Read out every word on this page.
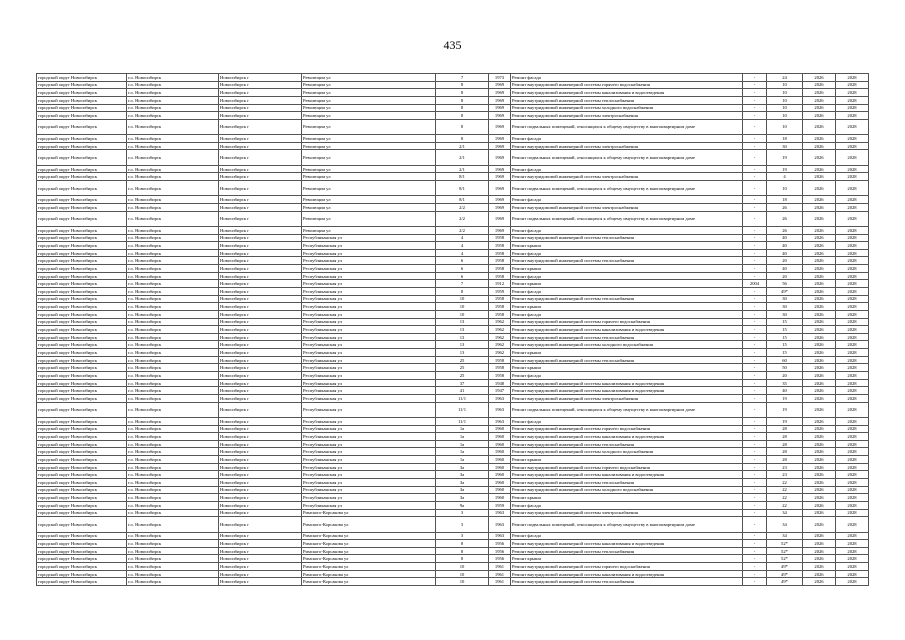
435
городской округ Новосибирск	г.о. Новосибирск	Новосибирск г	Революции ул	7	1973	Ремонт фасада	-	24	2026	2028
городской округ Новосибирск	г.о. Новосибирск	Новосибирск г	Революции ул	8	1969	Ремонт внутридомовой инженерной системы горячего водоснабжения	-	10	2026	2028
городской округ Новосибирск	г.о. Новосибирск	Новосибирск г	Революции ул	8	1969	Ремонт внутридомовой инженерной системы канализования и водоотведения	-	10	2026	2028
городской округ Новосибирск	г.о. Новосибирск	Новосибирск г	Революции ул	8	1969	Ремонт внутридомовой инженерной системы теплоснабжения	-	10	2026	2028
городской округ Новосибирск	г.о. Новосибирск	Новосибирск г	Революции ул	8	1969	Ремонт внутридомовой инженерной системы холодного водоснабжения	-	10	2026	2028
городской округ Новосибирск	г.о. Новосибирск	Новосибирск г	Революции ул	8	1969	Ремонт внутридомовой инженерной системы электроснабжения	-	10	2026	2028
городской округ Новосибирск	г.о. Новосибирск	Новосибирск г	Революции ул	8	1969	Ремонт подвальных помещений, относящихся к общему имуществу в многоквартирном доме	-	10	2026	2028
городской округ Новосибирск	г.о. Новосибирск	Новосибирск г	Революции ул	8	1969	Ремонт фасада	-	18	2026	2028
городской округ Новосибирск	г.о. Новосибирск	Новосибирск г	Революции ул	2/1	1969	Ремонт внутридомовой инженерной системы электроснабжения	-	30	2026	2028
городской округ Новосибирск	г.о. Новосибирск	Новосибирск г	Революции ул	2/1	1969	Ремонт подвальных помещений, относящихся к общему имуществу в многоквартирном доме	-	19	2026	2028
городской округ Новосибирск	г.о. Новосибирск	Новосибирск г	Революции ул	2/1	1969	Ремонт фасада	-	19	2026	2028
городской округ Новосибирск	г.о. Новосибирск	Новосибирск г	Революции ул	8/1	1969	Ремонт внутридомовой инженерной системы электроснабжения	-	4	2026	2028
городской округ Новосибирск	г.о. Новосибирск	Новосибирск г	Революции ул	8/1	1969	Ремонт подвальных помещений, относящихся к общему имуществу в многоквартирном доме	-	10	2026	2028
городской округ Новосибирск	г.о. Новосибирск	Новосибирск г	Революции ул	8/1	1969	Ремонт фасада	-	18	2026	2028
городской округ Новосибирск	г.о. Новосибирск	Новосибирск г	Революции ул	2/2	1969	Ремонт внутридомовой инженерной системы электроснабжения	-	26	2026	2028
городской округ Новосибирск	г.о. Новосибирск	Новосибирск г	Революции ул	2/2	1969	Ремонт подвальных помещений, относящихся к общему имуществу в многоквартирном доме	-	26	2026	2028
городской округ Новосибирск	г.о. Новосибирск	Новосибирск г	Революции ул	2/2	1969	Ремонт фасада	-	26	2026	2028
городской округ Новосибирск	г.о. Новосибирск	Новосибирск г	Республиканская ул	4	1958	Ремонт внутридомовой инженерной системы теплоснабжения	-	40	2026	2028
городской округ Новосибирск	г.о. Новосибирск	Новосибирск г	Республиканская ул	4	1958	Ремонт крыши	-	40	2026	2028
городской округ Новосибирск	г.о. Новосибирск	Новосибирск г	Республиканская ул	4	1958	Ремонт фасада	-	40	2026	2028
городской округ Новосибирск	г.о. Новосибирск	Новосибирск г	Республиканская ул	6	1958	Ремонт внутридомовой инженерной системы теплоснабжения	-	20	2026	2028
городской округ Новосибирск	г.о. Новосибирск	Новосибирск г	Республиканская ул	6	1958	Ремонт крыши	-	40	2026	2028
городской округ Новосибирск	г.о. Новосибирск	Новосибирск г	Республиканская ул	6	1958	Ремонт фасада	-	20	2026	2028
городской округ Новосибирск	г.о. Новосибирск	Новосибирск г	Республиканская ул	7	1912	Ремонт крыши	2004	56	2026	2028
городской округ Новосибирск	г.о. Новосибирск	Новосибирск г	Республиканская ул	8	1959	Ремонт фасада	-	49*	2026	2028
городской округ Новосибирск	г.о. Новосибирск	Новосибирск г	Республиканская ул	10	1958	Ремонт внутридомовой инженерной системы теплоснабжения	-	30	2026	2028
городской округ Новосибирск	г.о. Новосибирск	Новосибирск г	Республиканская ул	10	1958	Ремонт крыши	-	30	2026	2028
городской округ Новосибирск	г.о. Новосибирск	Новосибирск г	Республиканская ул	10	1958	Ремонт фасада	-	30	2026	2028
городской округ Новосибирск	г.о. Новосибирск	Новосибирск г	Республиканская ул	13	1962	Ремонт внутридомовой инженерной системы горячего водоснабжения	-	15	2026	2028
городской округ Новосибирск	г.о. Новосибирск	Новосибирск г	Республиканская ул	13	1962	Ремонт внутридомовой инженерной системы канализования и водоотведения	-	15	2026	2028
городской округ Новосибирск	г.о. Новосибирск	Новосибирск г	Республиканская ул	13	1962	Ремонт внутридомовой инженерной системы теплоснабжения	-	15	2026	2028
городской округ Новосибирск	г.о. Новосибирск	Новосибирск г	Республиканская ул	13	1962	Ремонт внутридомовой инженерной системы холодного водоснабжения	-	15	2026	2028
городской округ Новосибирск	г.о. Новосибирск	Новосибирск г	Республиканская ул	13	1962	Ремонт крыши	-	15	2026	2028
городской округ Новосибирск	г.о. Новосибирск	Новосибирск г	Республиканская ул	25	1958	Ремонт внутридомовой инженерной системы теплоснабжения	-	60	2026	2028
городской округ Новосибирск	г.о. Новосибирск	Новосибирск г	Республиканская ул	25	1958	Ремонт крыши	-	50	2026	2028
городской округ Новосибирск	г.о. Новосибирск	Новосибирск г	Республиканская ул	25	1958	Ремонт фасада	-	20	2026	2028
городской округ Новосибирск	г.о. Новосибирск	Новосибирск г	Республиканская ул	37	1948	Ремонт внутридомовой инженерной системы канализования и водоотведения	-	35	2026	2028
городской округ Новосибирск	г.о. Новосибирск	Новосибирск г	Республиканская ул	41	1947	Ремонт внутридомовой инженерной системы канализования и водоотведения	-	40	2026	2028
городской округ Новосибирск	г.о. Новосибирск	Новосибирск г	Республиканская ул	11/1	1963	Ремонт внутридомовой инженерной системы электроснабжения	-	19	2026	2028
городской округ Новосибирск	г.о. Новосибирск	Новосибирск г	Республиканская ул	11/1	1963	Ремонт подвальных помещений, относящихся к общему имуществу в многоквартирном доме	-	19	2026	2028
городской округ Новосибирск	г.о. Новосибирск	Новосибирск г	Республиканская ул	11/1	1963	Ремонт фасада	-	19	2026	2028
городской округ Новосибирск	г.о. Новосибирск	Новосибирск г	Республиканская ул	1а	1960	Ремонт внутридомовой инженерной системы горячего водоснабжения	-	28	2026	2028
городской округ Новосибирск	г.о. Новосибирск	Новосибирск г	Республиканская ул	1а	1960	Ремонт внутридомовой инженерной системы канализования и водоотведения	-	28	2026	2028
городской округ Новосибирск	г.о. Новосибирск	Новосибирск г	Республиканская ул	1а	1960	Ремонт внутридомовой инженерной системы теплоснабжения	-	28	2026	2028
городской округ Новосибирск	г.о. Новосибирск	Новосибирск г	Республиканская ул	1а	1960	Ремонт внутридомовой инженерной системы холодного водоснабжения	-	28	2026	2028
городской округ Новосибирск	г.о. Новосибирск	Новосибирск г	Республиканская ул	1а	1960	Ремонт крыши	-	28	2026	2028
городской округ Новосибирск	г.о. Новосибирск	Новосибирск г	Республиканская ул	3а	1960	Ремонт внутридомовой инженерной системы горячего водоснабжения	-	23	2026	2028
городской округ Новосибирск	г.о. Новосибирск	Новосибирск г	Республиканская ул	3а	1960	Ремонт внутридомовой инженерной системы канализования и водоотведения	-	23	2026	2028
городской округ Новосибирск	г.о. Новосибирск	Новосибирск г	Республиканская ул	3а	1960	Ремонт внутридомовой инженерной системы теплоснабжения	-	22	2026	2028
городской округ Новосибирск	г.о. Новосибирск	Новосибирск г	Республиканская ул	3а	1960	Ремонт внутридомовой инженерной системы холодного водоснабжения	-	22	2026	2028
городской округ Новосибирск	г.о. Новосибирск	Новосибирск г	Республиканская ул	3а	1960	Ремонт крыши	-	22	2026	2028
городской округ Новосибирск	г.о. Новосибирск	Новосибирск г	Республиканская ул	9а	1959	Ремонт фасада	-	22	2026	2028
городской округ Новосибирск	г.о. Новосибирск	Новосибирск г	Римского-Корсакова ул	3	1963	Ремонт внутридомовой инженерной системы электроснабжения	-	34	2026	2028
городской округ Новосибирск	г.о. Новосибирск	Новосибирск г	Римского-Корсакова ул	3	1963	Ремонт подвальных помещений, относящихся к общему имуществу в многоквартирном доме	-	34	2026	2028
городской округ Новосибирск	г.о. Новосибирск	Новосибирск г	Римского-Корсакова ул	3	1963	Ремонт фасада	-	34	2026	2028
городской округ Новосибирск	г.о. Новосибирск	Новосибирск г	Римского-Корсакова ул	8	1956	Ремонт внутридомовой инженерной системы канализования и водоотведения	-	52*	2026	2028
городской округ Новосибирск	г.о. Новосибирск	Новосибирск г	Римского-Корсакова ул	8	1956	Ремонт внутридомовой инженерной системы теплоснабжения	-	52*	2026	2028
городской округ Новосибирск	г.о. Новосибирск	Новосибирск г	Римского-Корсакова ул	8	1956	Ремонт крыши	-	52*	2026	2028
городской округ Новосибирск	г.о. Новосибирск	Новосибирск г	Римского-Корсакова ул	10	1961	Ремонт внутридомовой инженерной системы горячего водоснабжения	-	49*	2026	2028
городской округ Новосибирск	г.о. Новосибирск	Новосибирск г	Римского-Корсакова ул	10	1961	Ремонт внутридомовой инженерной системы канализования и водоотведения	-	49*	2026	2028
городской округ Новосибирск	г.о. Новосибирск	Новосибирск г	Римского-Корсакова ул	10	1961	Ремонт внутридомовой инженерной системы теплоснабжения	-	49*	2026	2028
